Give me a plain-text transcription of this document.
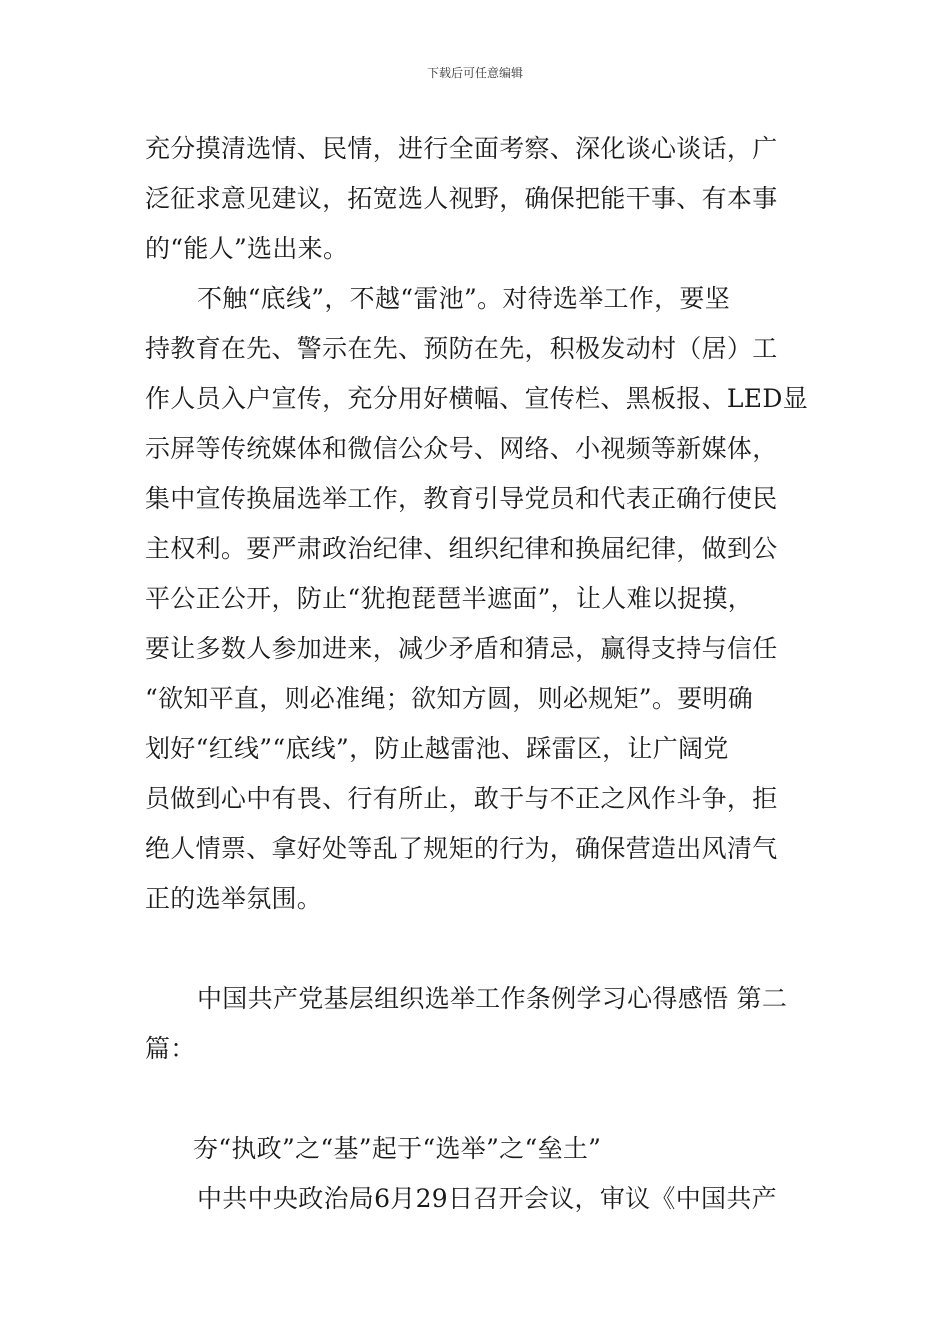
下载后可任意编辑
充分摸清选情、民情，进行全面考察、深化谈心谈话，广
泛征求意见建议，拓宽选人视野，确保把能干事、有本事
的“能人”选出来。
不触“底线”，不越“雷池”。对待选举工作，要坚
持教育在先、警示在先、预防在先，积极发动村（居）工
作人员入户宣传，充分用好横幅、宣传栏、黑板报、LED显
示屏等传统媒体和微信公众号、网络、小视频等新媒体，
集中宣传换届选举工作，教育引导党员和代表正确行使民
主权利。要严肃政治纪律、组织纪律和换届纪律，做到公
平公正公开，防止“犹抱琵琶半遮面”，让人难以捉摸，
要让多数人参加进来，减少矛盾和猜忌，赢得支持与信任
“欲知平直，则必准绳；欲知方圆，则必规矩”。要明确
划好“红线”“底线”，防止越雷池、踩雷区，让广阔党
员做到心中有畏、行有所止，敢于与不正之风作斗争，拒
绝人情票、拿好处等乱了规矩的行为，确保营造出风清气
正的选举氛围。
中国共产党基层组织选举工作条例学习心得感悟 第二
篇：
夯“执政”之“基”起于“选举”之“垒土”
中共中央政治局6月29日召开会议，审议《中国共产
